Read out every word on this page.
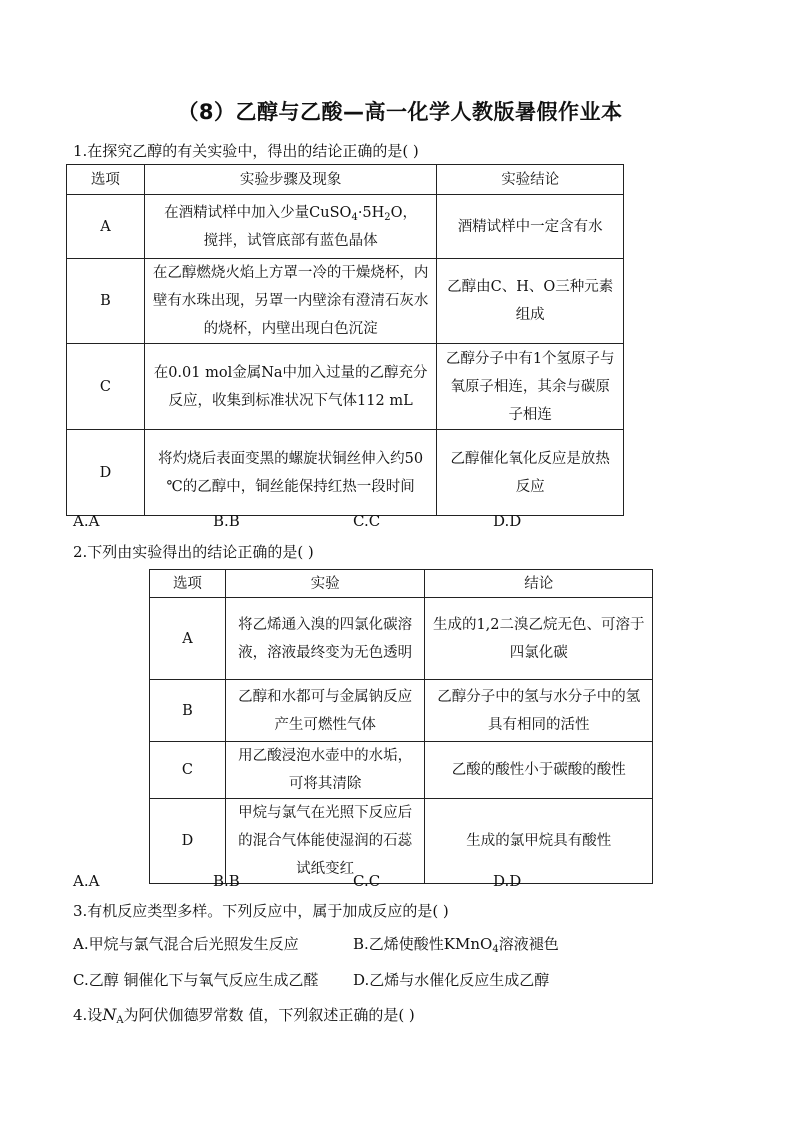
（8）乙醇与乙酸—高一化学人教版暑假作业本
1.在探究乙醇的有关实验中，得出的结论正确的是( )
选项	实验步骤及现象	实验结论
A	在酒精试样中加入少量$CuSO_4\cdot 5H_2O$，
搅拌，试管底部有蓝色晶体	酒精试样中一定含有水
B	在乙醇燃烧火焰上方罩一冷的干燥烧杯，内壁有水珠出现，另罩一内壁涂有澄清石灰水的烧杯，内壁出现白色沉淀	乙醇由C、H、O三种元素组成
C	在0.01 mol金属Na中加入过量的乙醇充分反应，收集到标准状况下气体112 mL	乙醇分子中有1个氢原子与氧原子相连，其余与碳原子相连
D	将灼烧后表面变黑的螺旋状铜丝伸入约50 ℃的乙醇中，铜丝能保持红热一段时间	乙醇催化氧化反应是放热反应
A.A	B.B	C.C	D.D
2.下列由实验得出的结论正确的是( )
选项	实验	结论
A	将乙烯通入溴的四氯化碳溶液，溶液最终变为无色透明	生成的1,2二溴乙烷无色、可溶于四氯化碳
B	乙醇和水都可与金属钠反应产生可燃性气体	乙醇分子中的氢与水分子中的氢具有相同的活性
C	用乙酸浸泡水壶中的水垢，可将其清除	乙酸的酸性小于碳酸的酸性
D	甲烷与氯气在光照下反应后的混合气体能使湿润的石蕊试纸变红	生成的氯甲烷具有酸性
A.A	B.B	C.C	D.D
3.有机反应类型多样。下列反应中，属于加成反应的是( )
A.甲烷与氯气混合后光照发生反应	B.乙烯使酸性KMnO$_4$溶液褪色
C.乙醇 铜催化下与氧气反应生成乙醛 D.乙烯与水催化反应生成乙醇
4.设$N_A$为阿伏伽德罗常数 值，下列叙述正确的是( )
